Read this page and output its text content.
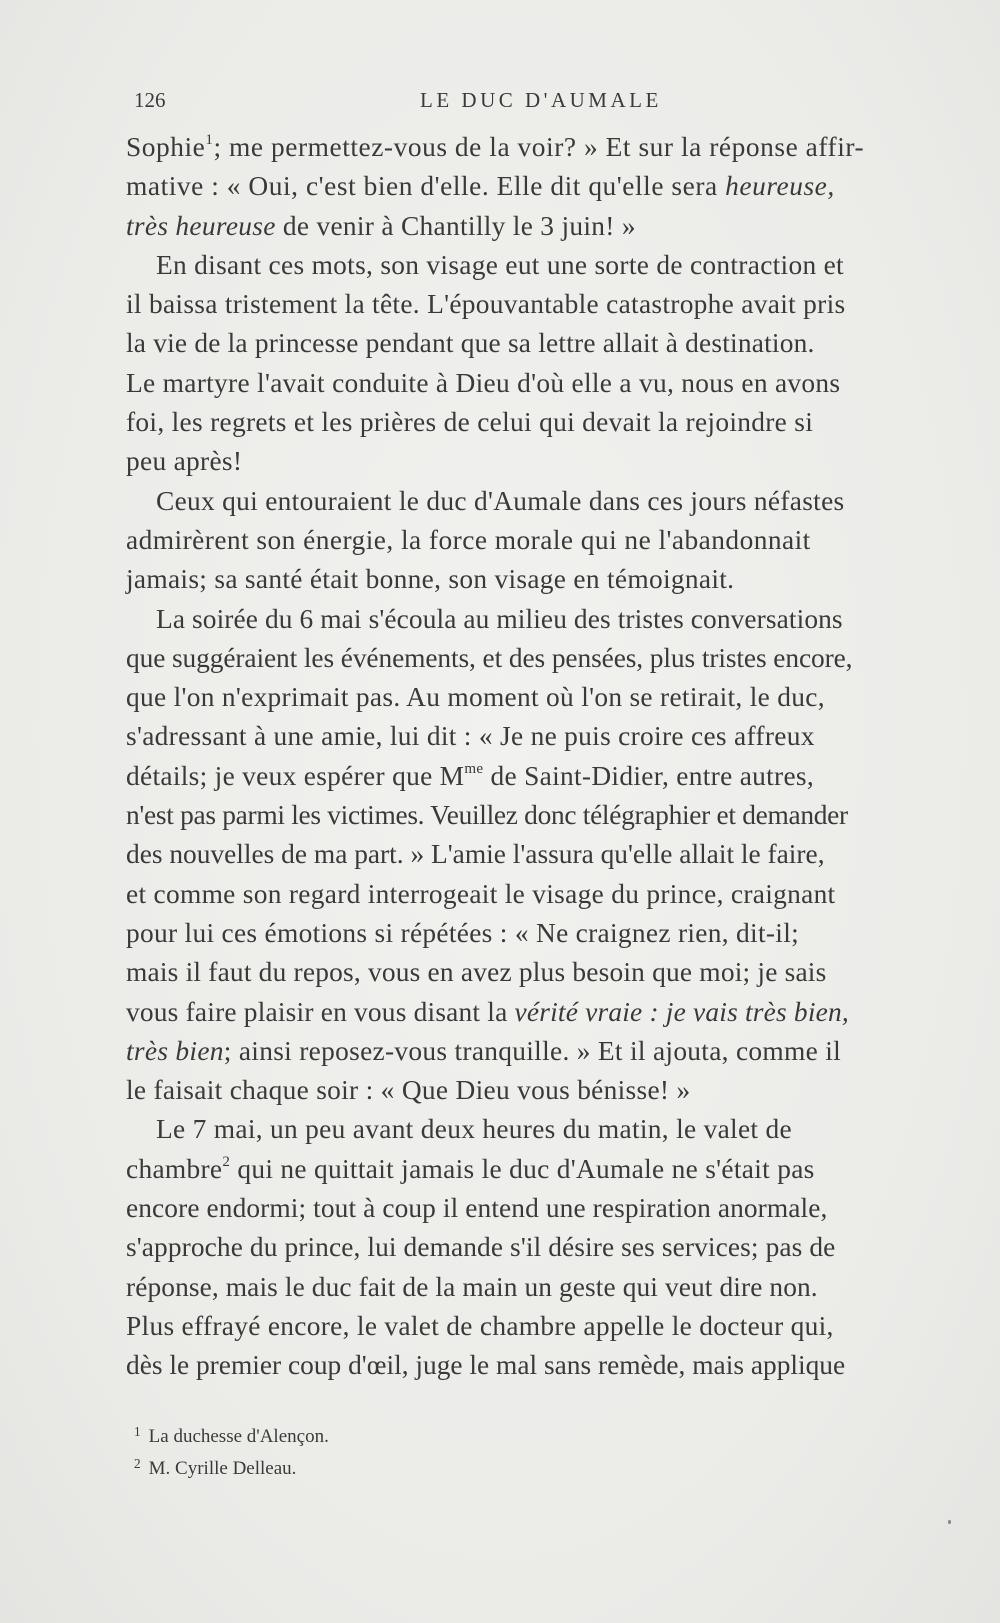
126	LE DUC D'AUMALE
Sophie$^1$; me permettez-vous de la voir? » Et sur la réponse affir-
mative : « Oui, c'est bien d'elle. Elle dit qu'elle sera heureuse,
très heureuse de venir à Chantilly le 3 juin! »
En disant ces mots, son visage eut une sorte de contraction et
il baissa tristement la tête. L'épouvantable catastrophe avait pris
la vie de la princesse pendant que sa lettre allait à destination.
Le martyre l'avait conduite à Dieu d'où elle a vu, nous en avons
foi, les regrets et les prières de celui qui devait la rejoindre si
peu après!
Ceux qui entouraient le duc d'Aumale dans ces jours néfastes
admirèrent son énergie, la force morale qui ne l'abandonnait
jamais; sa santé était bonne, son visage en témoignait.
La soirée du 6 mai s'écoula au milieu des tristes conversations
que suggéraient les événements, et des pensées, plus tristes encore,
que l'on n'exprimait pas. Au moment où l'on se retirait, le duc,
s'adressant à une amie, lui dit : « Je ne puis croire ces affreux
détails; je veux espérer que $M^{me}$ de Saint-Didier, entre autres,
n'est pas parmi les victimes. Veuillez donc télégraphier et demander
des nouvelles de ma part. » L'amie l'assura qu'elle allait le faire,
et comme son regard interrogeait le visage du prince, craignant
pour lui ces émotions si répétées : « Ne craignez rien, dit-il;
mais il faut du repos, vous en avez plus besoin que moi; je sais
vous faire plaisir en vous disant la vérité vraie : je vais très bien,
très bien; ainsi reposez-vous tranquille. » Et il ajouta, comme il
le faisait chaque soir : « Que Dieu vous bénisse! »
Le 7 mai, un peu avant deux heures du matin, le valet de
chambre$^2$ qui ne quittait jamais le duc d'Aumale ne s'était pas
encore endormi; tout à coup il entend une respiration anormale,
s'approche du prince, lui demande s'il désire ses services; pas de
réponse, mais le duc fait de la main un geste qui veut dire non.
Plus effrayé encore, le valet de chambre appelle le docteur qui,
dès le premier coup d'œil, juge le mal sans remède, mais applique
$^1$ La duchesse d'Alençon.
$^2$ M. Cyrille Delleau.
